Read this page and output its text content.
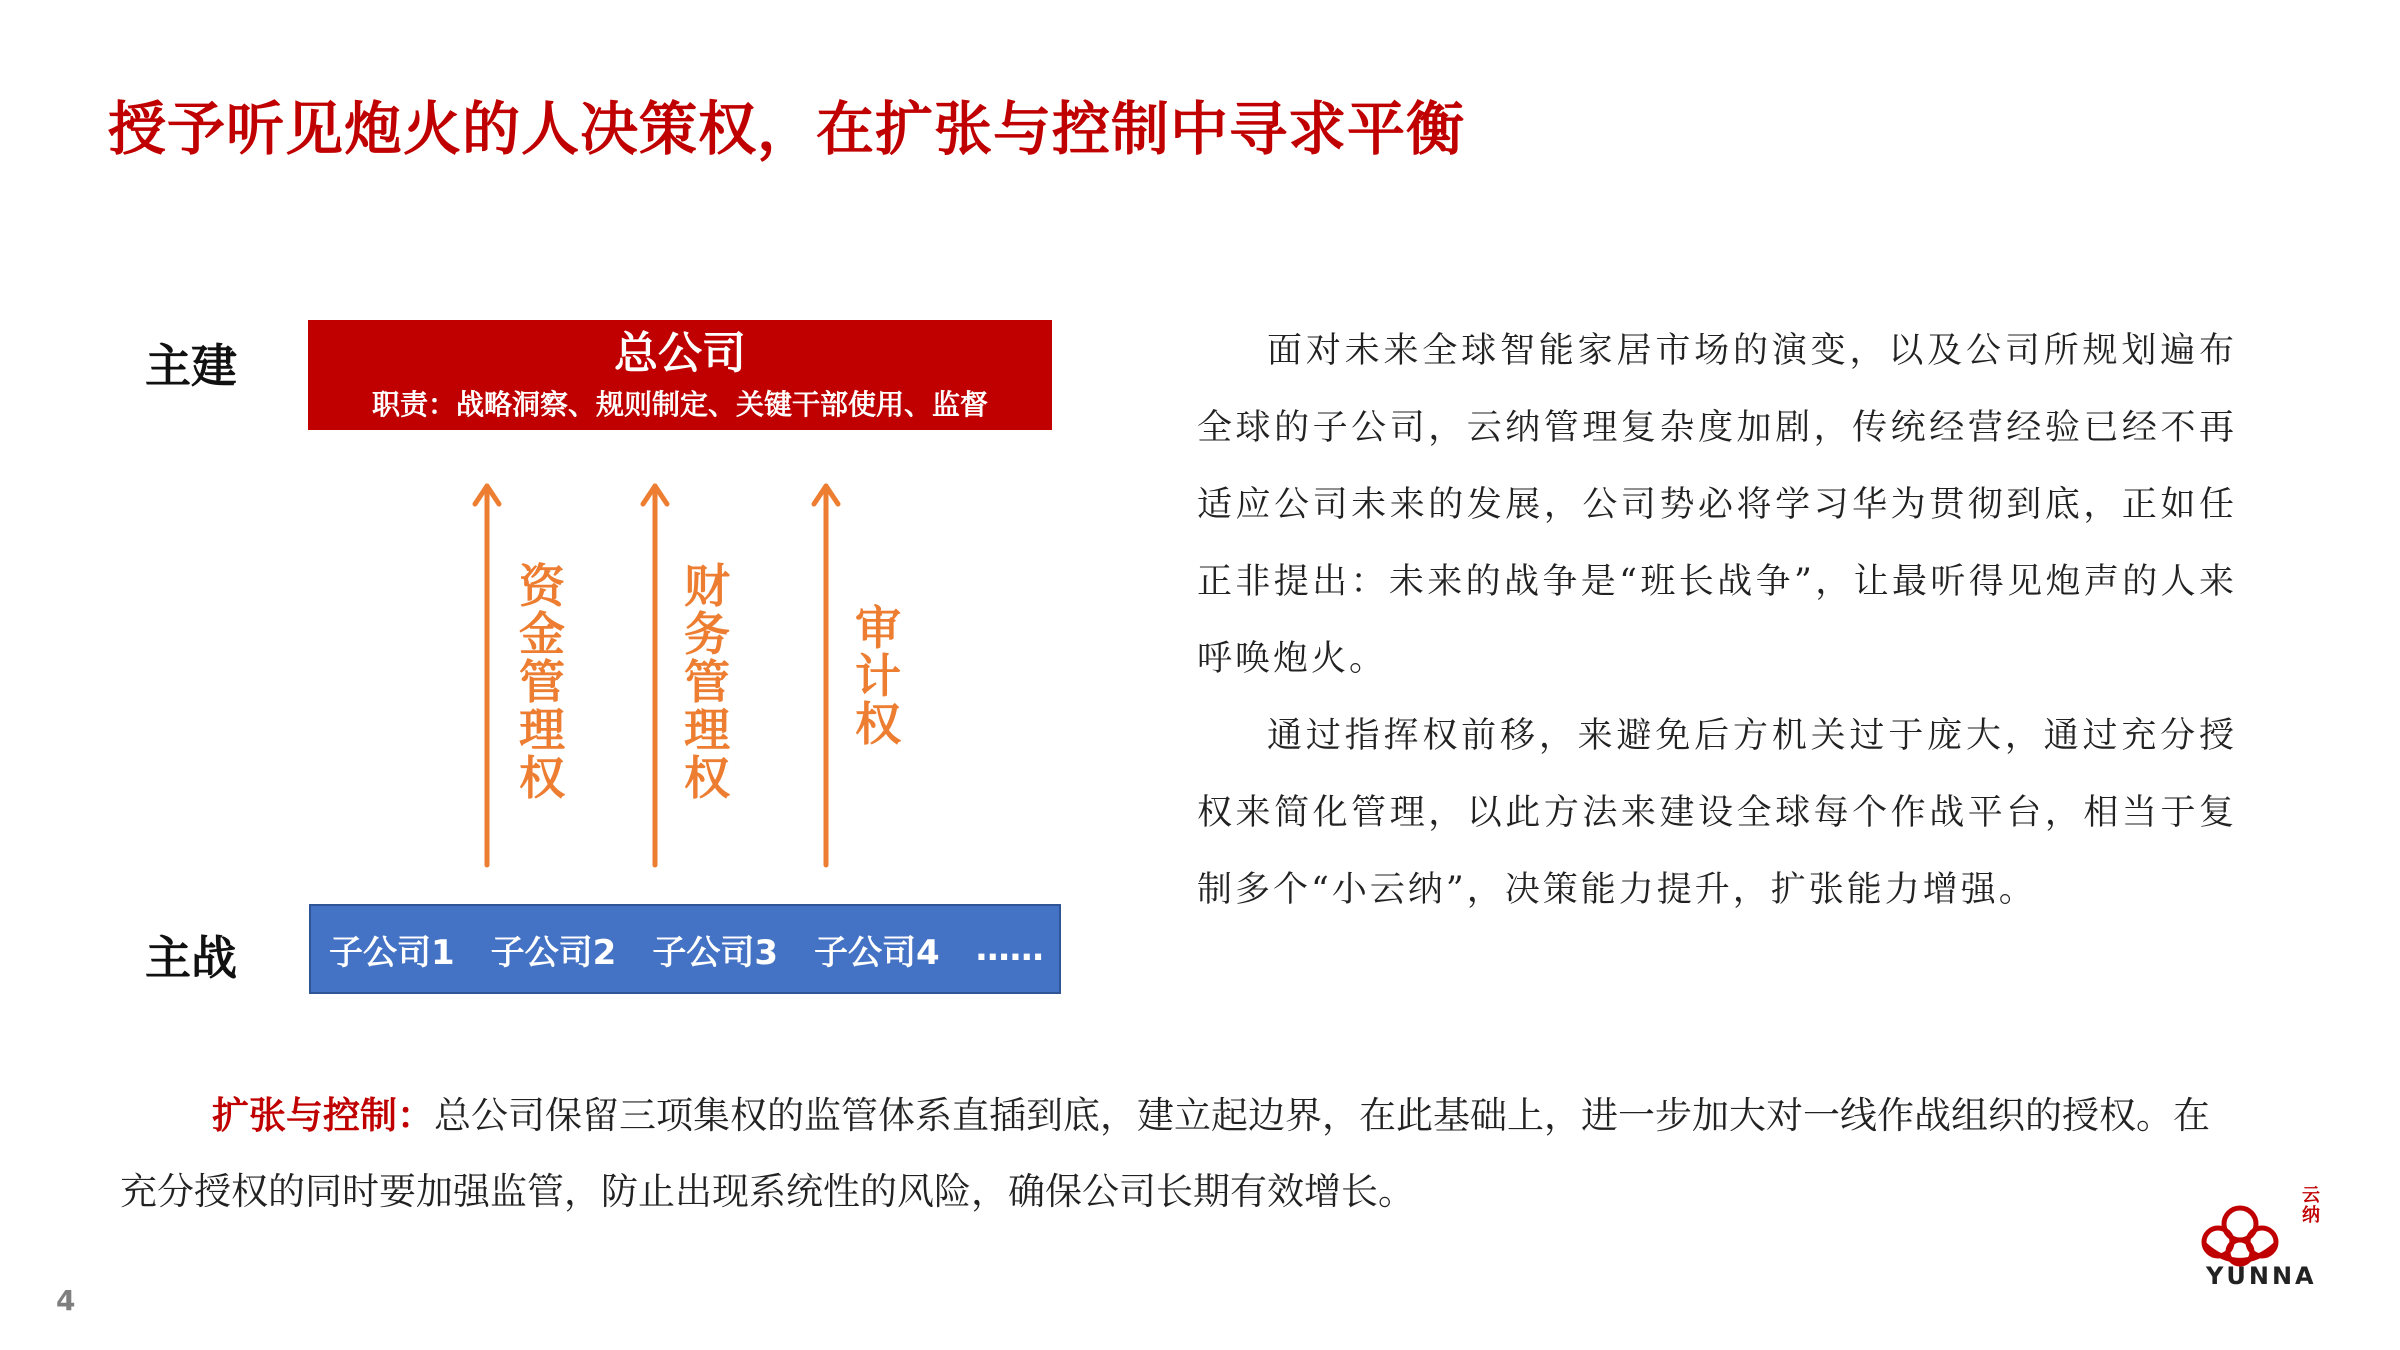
授予听见炮火的人决策权，在扩张与控制中寻求平衡
主建
主战
总公司
职责：战略洞察、规则制定、关键干部使用、监督
资金管理权
财务管理权
审计权
子公司1 子公司2 子公司3 子公司4 ……

面对未来全球智能家居市场的演变，以及公司所规划遍布全球的子公司，云纳管理复杂度加剧，传统经营经验已经不再适应公司未来的发展，公司势必将学习华为贯彻到底，正如任正非提出：未来的战争是“班长战争”，让最听得见炮声的人来呼唤炮火。

通过指挥权前移，来避免后方机关过于庞大，通过充分授权来简化管理，以此方法来建设全球每个作战平台，相当于复制多个“小云纳”，决策能力提升，扩张能力增强。

扩张与控制：总公司保留三项集权的监管体系直插到底，建立起边界，在此基础上，进一步加大对一线作战组织的授权。在充分授权的同时要加强监管，防止出现系统性的风险，确保公司长期有效增长。
4
云纳
YUNNA
